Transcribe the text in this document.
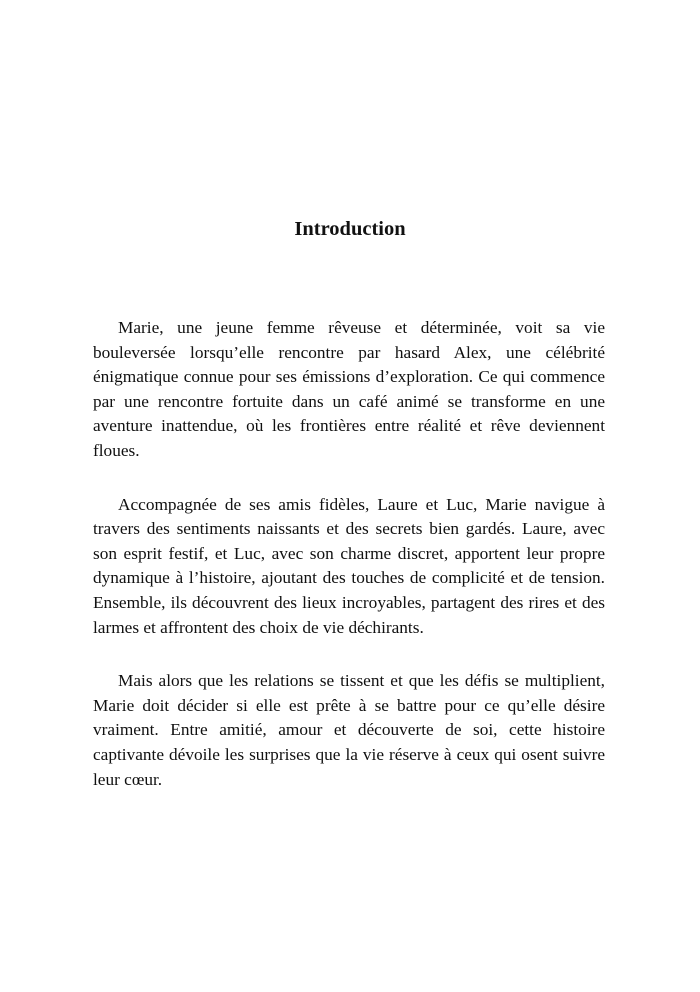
Introduction

Marie, une jeune femme rêveuse et déterminée, voit sa vie bouleversée lorsqu’elle rencontre par hasard Alex, une célébrité énigmatique connue pour ses émissions d’exploration. Ce qui commence par une rencontre fortuite dans un café animé se transforme en une aventure inattendue, où les frontières entre réalité et rêve deviennent floues.

Accompagnée de ses amis fidèles, Laure et Luc, Marie navigue à travers des sentiments naissants et des secrets bien gardés. Laure, avec son esprit festif, et Luc, avec son charme discret, apportent leur propre dynamique à l’histoire, ajoutant des touches de complicité et de tension. Ensemble, ils découvrent des lieux incroyables, partagent des rires et des larmes et affrontent des choix de vie déchirants.

Mais alors que les relations se tissent et que les défis se multiplient, Marie doit décider si elle est prête à se battre pour ce qu’elle désire vraiment. Entre amitié, amour et découverte de soi, cette histoire captivante dévoile les surprises que la vie réserve à ceux qui osent suivre leur cœur.
